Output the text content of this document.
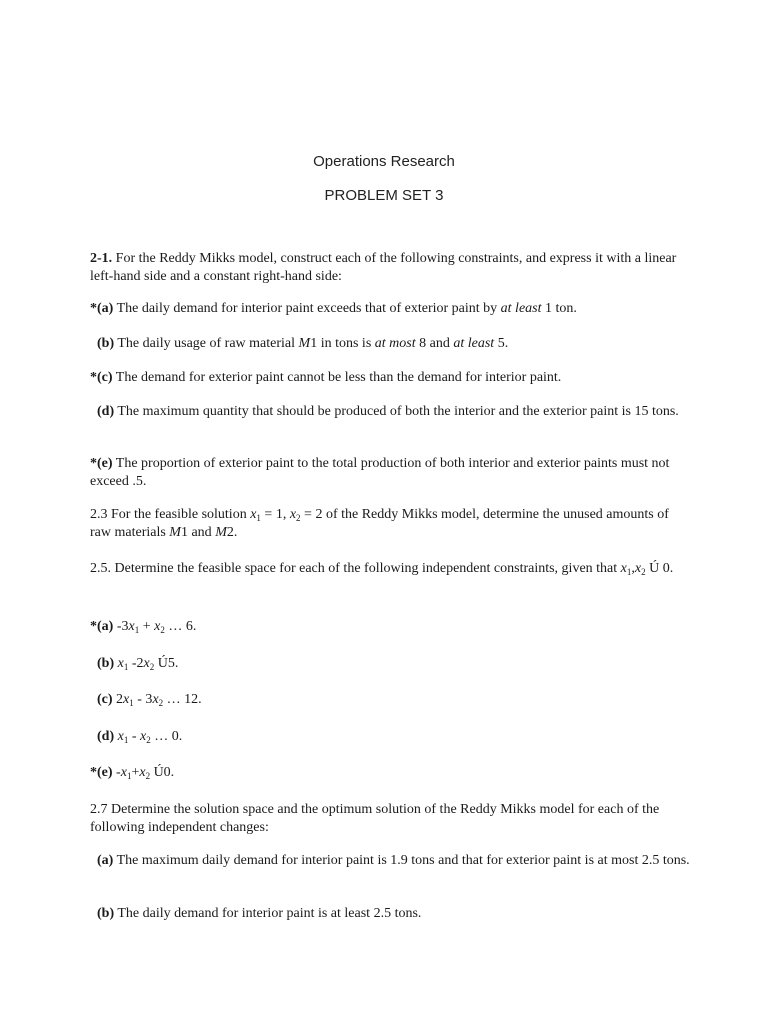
Operations Research
PROBLEM SET 3

2-1. For the Reddy Mikks model, construct each of the following constraints, and express it with a linear left-hand side and a constant right-hand side:

*(a) The daily demand for interior paint exceeds that of exterior paint by at least 1 ton.

(b) The daily usage of raw material M1 in tons is at most 8 and at least 5.

*(c) The demand for exterior paint cannot be less than the demand for interior paint.

(d) The maximum quantity that should be produced of both the interior and the exterior paint is 15 tons.

*(e) The proportion of exterior paint to the total production of both interior and exterior paints must not exceed .5.

2.3 For the feasible solution $x_1 = 1$, $x_2 = 2$ of the Reddy Mikks model, determine the unused amounts of raw materials M1 and M2.

2.5. Determine the feasible space for each of the following independent constraints, given that $x_1,x_2$ Ú 0.

*(a) $-3x_1 + x_2$ … 6.

(b) $x_1$ $-2x_2$ Ú5.

(c) $2x_1 - 3x_2$ … 12.

(d) $x_1 - x_2$ … 0.

*(e) $-x_1+x_2$ Ú0.

2.7 Determine the solution space and the optimum solution of the Reddy Mikks model for each of the following independent changes:

(a) The maximum daily demand for interior paint is 1.9 tons and that for exterior paint is at most 2.5 tons.

(b) The daily demand for interior paint is at least 2.5 tons.
